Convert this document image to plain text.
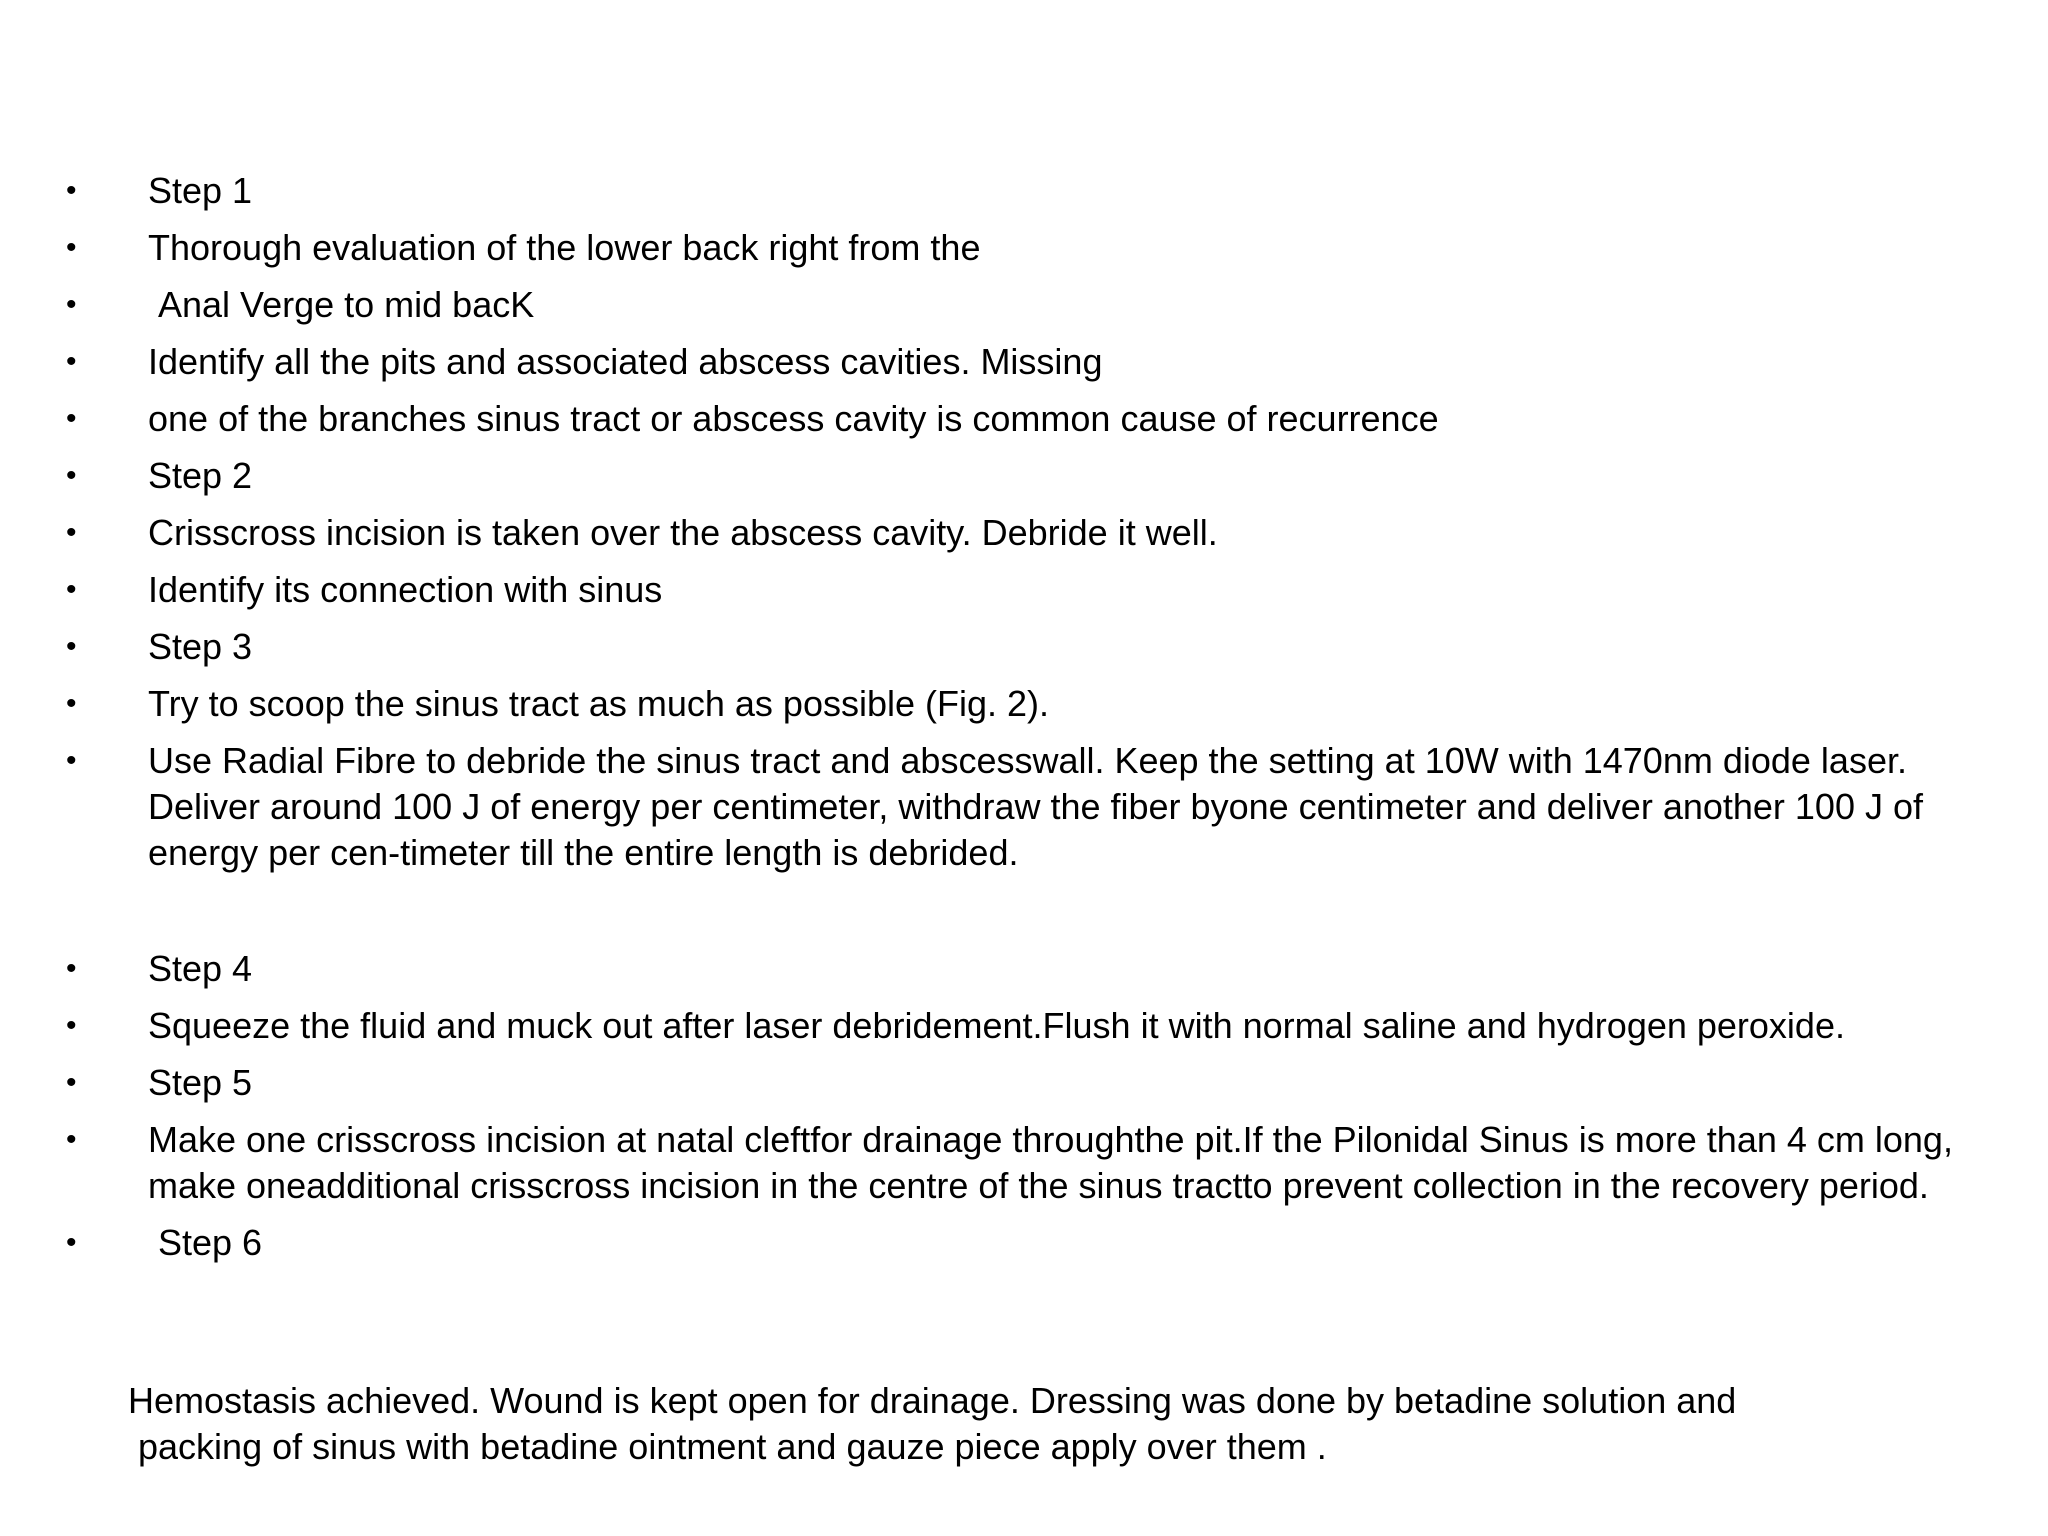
•	Step 1
•	Thorough evaluation of the lower back right from the
•	Anal Verge to mid bacK
•	Identify all the pits and associated abscess cavities. Missing
•	one of the branches sinus tract or abscess cavity is common cause of recurrence
•	Step 2
•	Crisscross incision is taken over the abscess cavity. Debride it well.
•	Identify its connection with sinus
•	Step 3
•	Try to scoop the sinus tract as much as possible (Fig. 2).
•	Use Radial Fibre to debride the sinus tract and abscesswall. Keep the setting at 10W with 1470nm diode laser. Deliver around 100 J of energy per centimeter, withdraw the fiber byone centimeter and deliver another 100 J of energy per cen-timeter till the entire length is debrided.
•	Step 4
•	Squeeze the fluid and muck out after laser debridement.Flush it with normal saline and hydrogen peroxide.
•	Step 5
•	Make one crisscross incision at natal cleftfor drainage throughthe pit.If the Pilonidal Sinus is more than 4 cm long, make oneadditional crisscross incision in the centre of the sinus tractto prevent collection in the recovery period.
•	Step 6

Hemostasis achieved. Wound is kept open for drainage. Dressing was done by betadine solution and
packing of sinus with betadine ointment and gauze piece apply over them .
